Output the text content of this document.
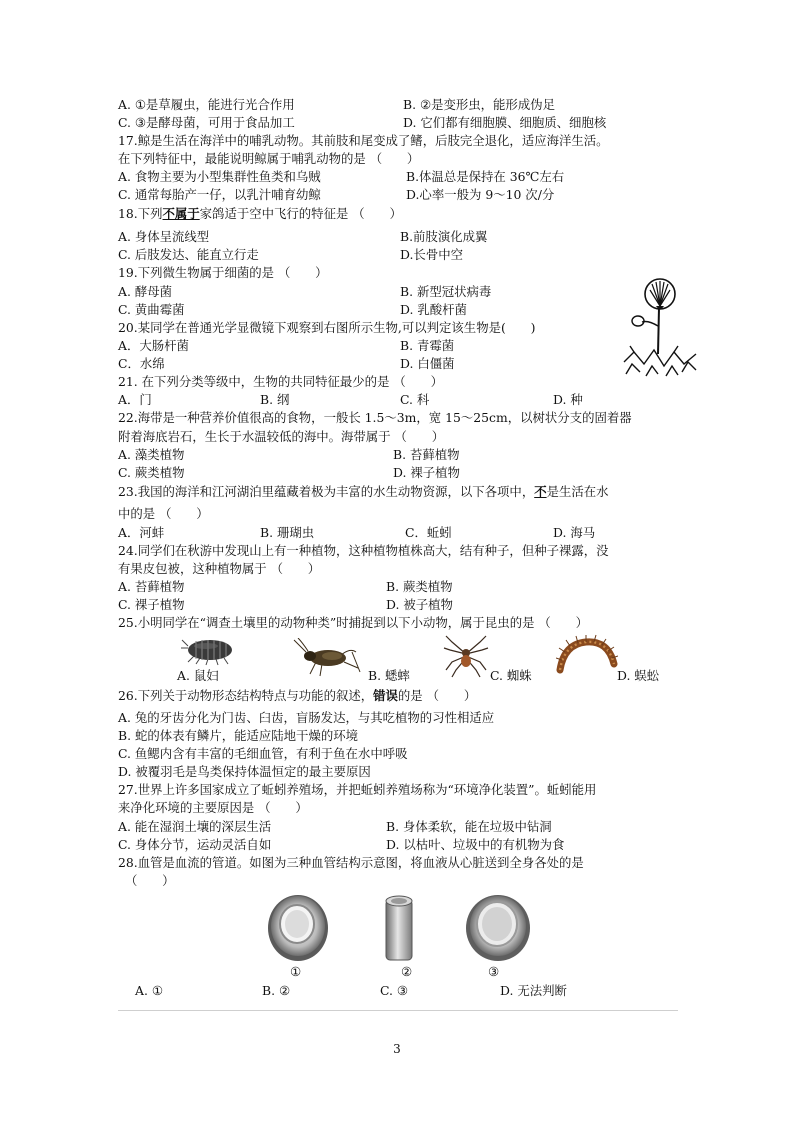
A. ①是草履虫，能进行光合作用	B. ②是变形虫，能形成伪足
C. ③是酵母菌，可用于食品加工	D. 它们都有细胞膜、细胞质、细胞核
17.鲸是生活在海洋中的哺乳动物。其前肢和尾变成了鳍，后肢完全退化，适应海洋生活。
在下列特征中，最能说明鲸属于哺乳动物的是 （　　）
A. 食物主要为小型集群性鱼类和乌贼	B.体温总是保持在 36℃左右
C. 通常每胎产一仔，以乳汁哺育幼鲸	D.心率一般为 9～10 次/分
18.下列不属于家鸽适于空中飞行的特征是 （　　）
A. 身体呈流线型	B.前肢演化成翼
C. 后肢发达、能直立行走	D.长骨中空
19.下列微生物属于细菌的是 （　　）
A. 酵母菌	B. 新型冠状病毒
C. 黄曲霉菌	D. 乳酸杆菌
20.某同学在普通光学显微镜下观察到右图所示生物,可以判定该生物是(　　)
A．大肠杆菌	B. 青霉菌
C．水绵	D. 白僵菌
21. 在下列分类等级中，生物的共同特征最少的是 （　　）
A．门	B. 纲	C. 科	D. 种
22.海带是一种营养价值很高的食物，一般长 1.5～3m，宽 15～25cm，以树状分支的固着器
附着海底岩石，生长于水温较低的海中。海带属于 （　　）
A. 藻类植物	B. 苔藓植物
C. 蕨类植物	D. 裸子植物
23.我国的海洋和江河湖泊里蕴藏着极为丰富的水生动物资源，以下各项中，不是生活在水
中的是 （　　）
A．河蚌	B. 珊瑚虫	C．蚯蚓	D. 海马
24.同学们在秋游中发现山上有一种植物，这种植物植株高大，结有种子，但种子裸露，没
有果皮包被，这种植物属于 （　　）
A. 苔藓植物	B. 蕨类植物
C. 裸子植物	D. 被子植物
25.小明同学在“调查土壤里的动物种类”时捕捉到以下小动物，属于昆虫的是 （　　）
A. 鼠妇	B. 蟋蟀	C. 蜘蛛	D. 蜈蚣
26.下列关于动物形态结构特点与功能的叙述，错误的是 （　　）
A. 兔的牙齿分化为门齿、臼齿，盲肠发达，与其吃植物的习性相适应
B. 蛇的体表有鳞片，能适应陆地干燥的环境
C. 鱼鳃内含有丰富的毛细血管，有利于鱼在水中呼吸
D. 被覆羽毛是鸟类保持体温恒定的最主要原因
27.世界上许多国家成立了蚯蚓养殖场，并把蚯蚓养殖场称为“环境净化装置”。蚯蚓能用
来净化环境的主要原因是 （　　）
A. 能在湿润土壤的深层生活	B. 身体柔软，能在垃圾中钻洞
C. 身体分节，运动灵活自如	D. 以枯叶、垃圾中的有机物为食
28.血管是血流的管道。如图为三种血管结构示意图，将血液从心脏送到全身各处的是
（　　）
①	②	③
A. ①	B. ②	C. ③	D. 无法判断
3
